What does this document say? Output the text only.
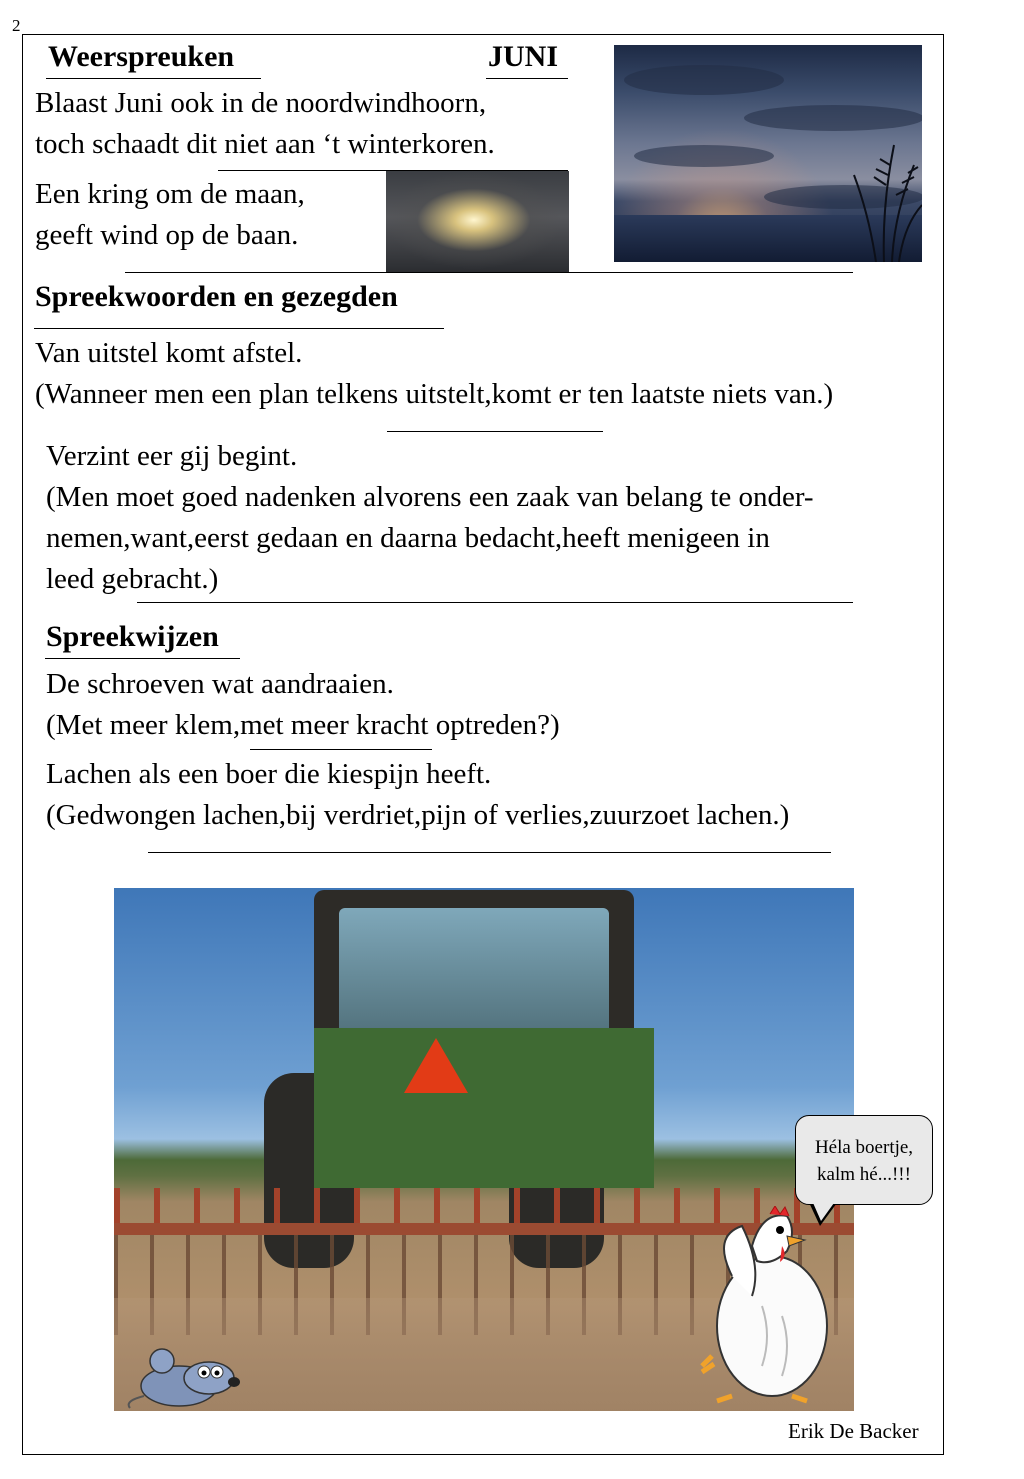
2
Weerspreuken	JUNI
Blaast Juni ook in de noordwindhoorn,
toch schaadt dit niet aan ‘t winterkoren.
Een kring om de maan,
geeft wind op de baan.
Spreekwoorden en gezegden
Van uitstel komt afstel.
(Wanneer men een plan telkens uitstelt,komt er ten laatste niets van.)
Verzint eer gij begint.
(Men moet goed nadenken alvorens een zaak van belang te onder-
nemen,want,eerst gedaan en daarna bedacht,heeft menigeen in
leed gebracht.)
Spreekwijzen
De schroeven wat aandraaien.
(Met meer klem,met meer kracht optreden?)
Lachen als een boer die kiespijn heeft.
(Gedwongen lachen,bij verdriet,pijn of verlies,zuurzoet lachen.)
Héla boertje,
kalm hé...!!!
Erik De Backer
